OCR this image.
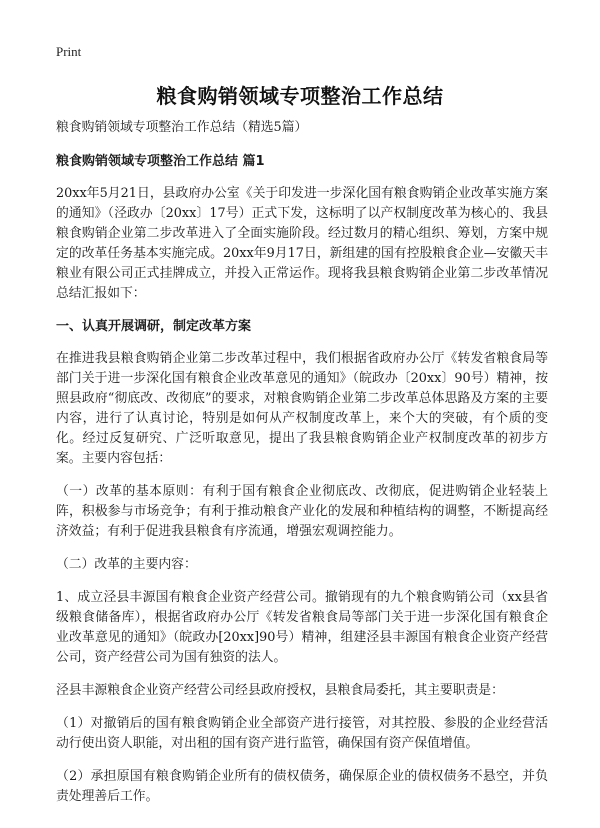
Print
粮食购销领域专项整治工作总结

粮食购销领域专项整治工作总结（精选5篇）

粮食购销领域专项整治工作总结 篇1

20xx年5月21日，县政府办公室《关于印发进一步深化国有粮食购销企业改革实施方案的通知》（泾政办〔20xx〕17号）正式下发，这标明了以产权制度改革为核心的、我县粮食购销企业第二步改革进入了全面实施阶段。经过数月的精心组织、筹划，方案中规定的改革任务基本实施完成。20xx年9月17日，新组建的国有控股粮食企业—安徽天丰粮业有限公司正式挂牌成立，并投入正常运作。现将我县粮食购销企业第二步改革情况总结汇报如下：

一、认真开展调研，制定改革方案

在推进我县粮食购销企业第二步改革过程中，我们根据省政府办公厅《转发省粮食局等部门关于进一步深化国有粮食企业改革意见的通知》（皖政办〔20xx〕90号）精神，按照县政府“彻底改、改彻底”的要求，对粮食购销企业第二步改革总体思路及方案的主要内容，进行了认真讨论，特别是如何从产权制度改革上，来个大的突破，有个质的变化。经过反复研究、广泛听取意见，提出了我县粮食购销企业产权制度改革的初步方案。主要内容包括：

（一）改革的基本原则：有利于国有粮食企业彻底改、改彻底，促进购销企业轻装上阵，积极参与市场竞争；有利于推动粮食产业化的发展和种植结构的调整，不断提高经济效益；有利于促进我县粮食有序流通，增强宏观调控能力。

（二）改革的主要内容：

1、成立泾县丰源国有粮食企业资产经营公司。撤销现有的九个粮食购销公司（xx县省级粮食储备库），根据省政府办公厅《转发省粮食局等部门关于进一步深化国有粮食企业改革意见的通知》（皖政办[20xx]90号）精神，组建泾县丰源国有粮食企业资产经营公司，资产经营公司为国有独资的法人。

泾县丰源粮食企业资产经营公司经县政府授权，县粮食局委托，其主要职责是：

（1）对撤销后的国有粮食购销企业全部资产进行接管，对其控股、参股的企业经营活动行使出资人职能，对出租的国有资产进行监管，确保国有资产保值增值。

（2）承担原国有粮食购销企业所有的债权债务，确保原企业的债权债务不悬空，并负责处理善后工作。
